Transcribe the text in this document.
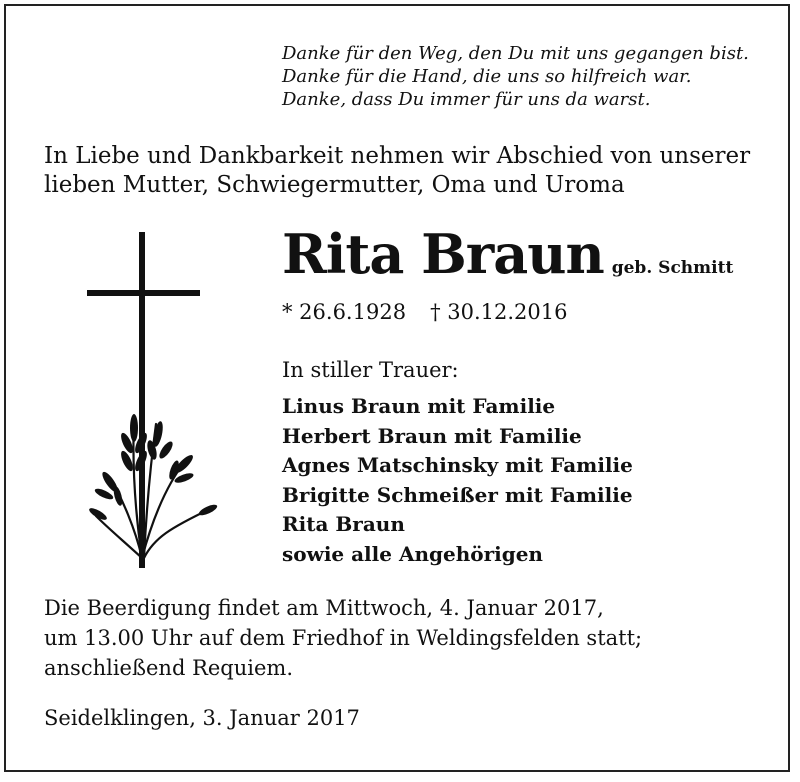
Danke für den Weg, den Du mit uns gegangen bist.
Danke für die Hand, die uns so hilfreich war.
Danke, dass Du immer für uns da warst.
In Liebe und Dankbarkeit nehmen wir Abschied von unserer
lieben Mutter, Schwiegermutter, Oma und Uroma
Rita Braun geb. Schmitt
* 26.6.1928 † 30.12.2016
In stiller Trauer:
Linus Braun mit Familie
Herbert Braun mit Familie
Agnes Matschinsky mit Familie
Brigitte Schmeißer mit Familie
Rita Braun
sowie alle Angehörigen
Die Beerdigung findet am Mittwoch, 4. Januar 2017,
um 13.00 Uhr auf dem Friedhof in Weldingsfelden statt;
anschließend Requiem.
Seidelklingen, 3. Januar 2017
